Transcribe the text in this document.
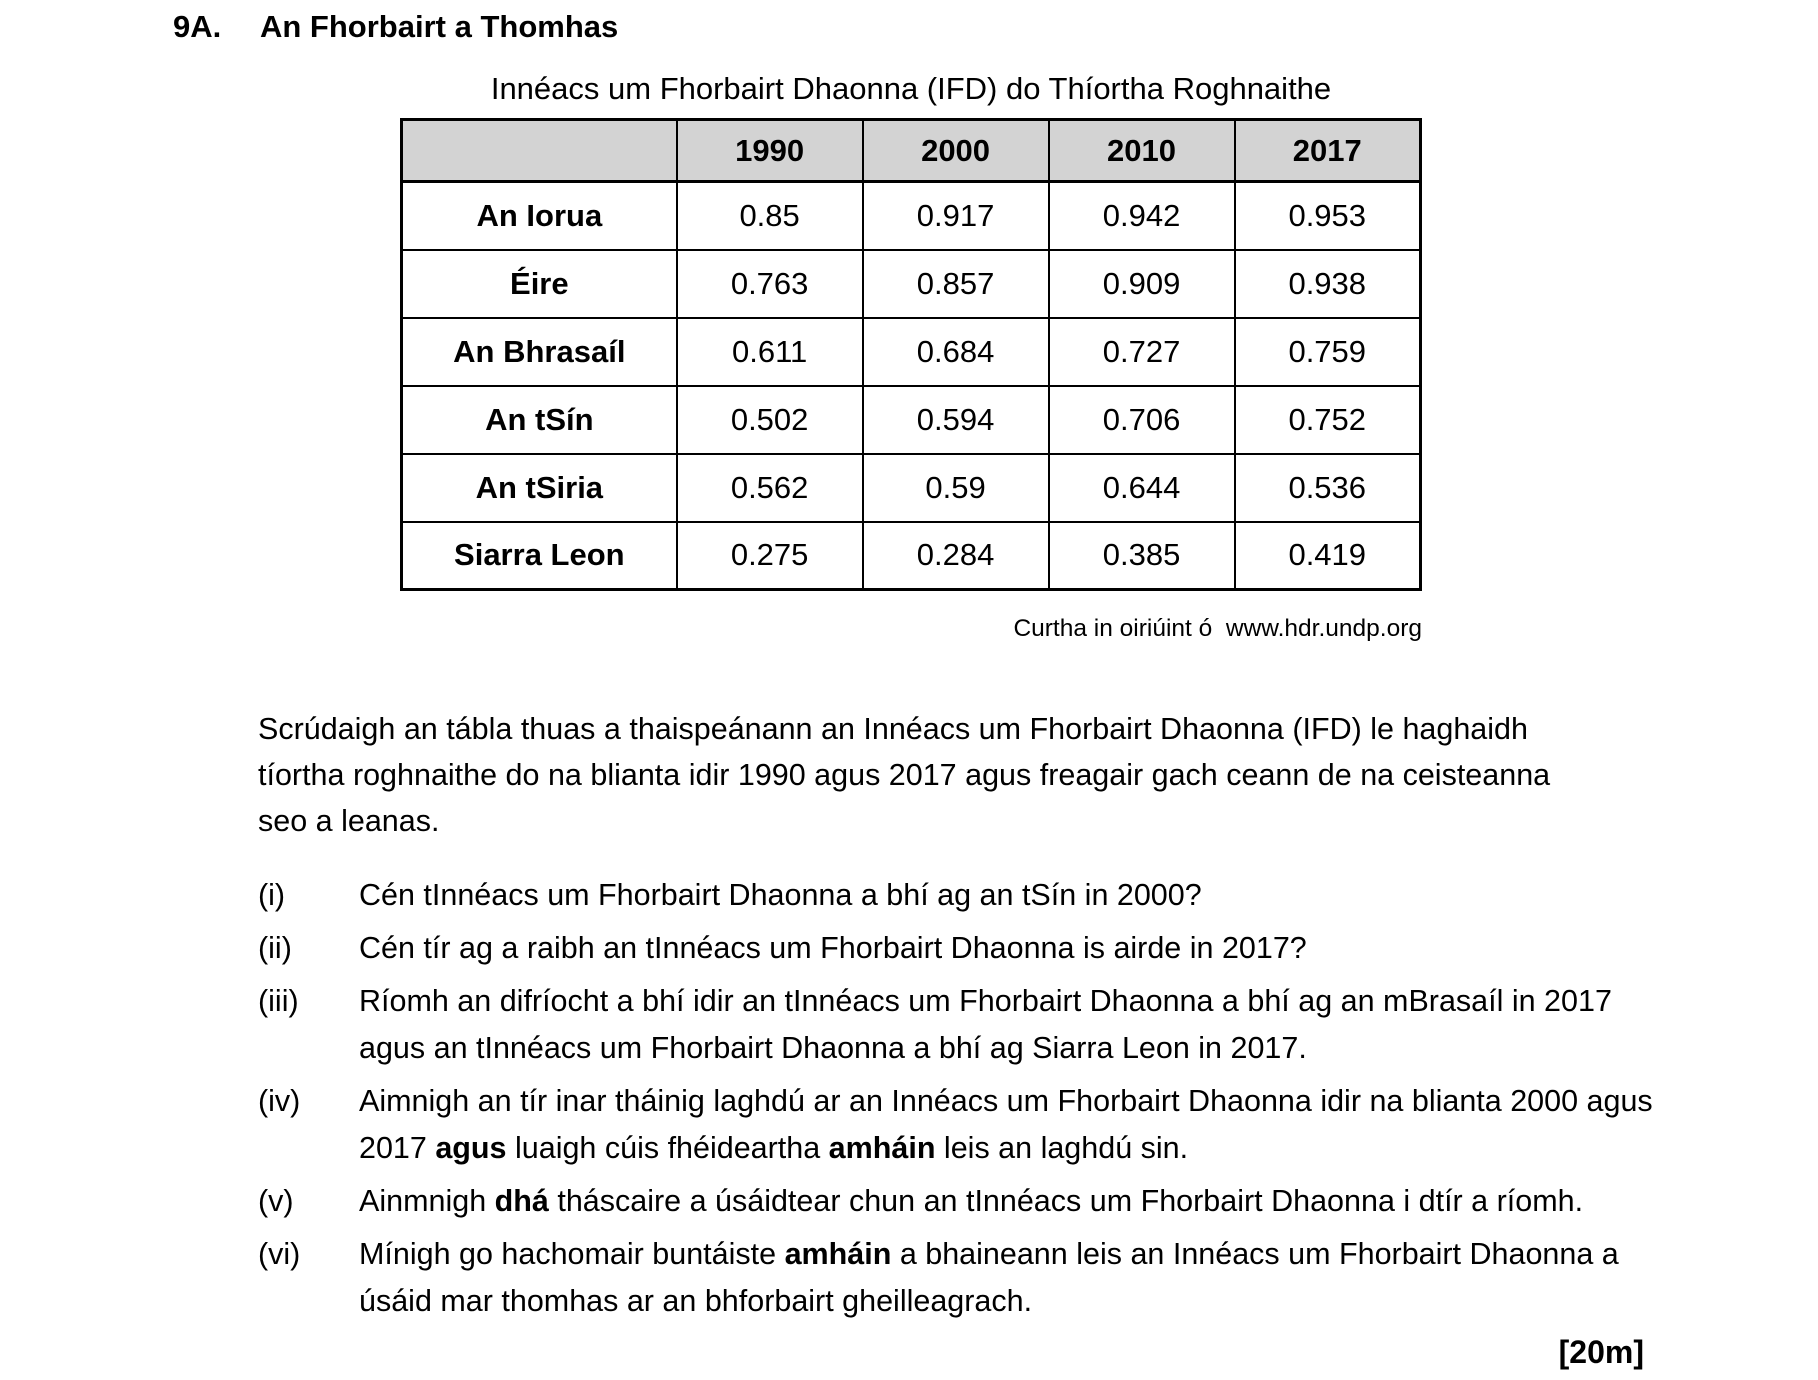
9A.	An Fhorbairt a Thomhas
Innéacs um Fhorbairt Dhaonna (IFD) do Thíortha Roghnaithe
	1990	2000	2010	2017
An Iorua	0.85	0.917	0.942	0.953
Éire	0.763	0.857	0.909	0.938
An Bhrasaíl	0.611	0.684	0.727	0.759
An tSín	0.502	0.594	0.706	0.752
An tSiria	0.562	0.59	0.644	0.536
Siarra Leon	0.275	0.284	0.385	0.419
Curtha in oiriúint ó  www.hdr.undp.org

Scrúdaigh an tábla thuas a thaispeánann an Innéacs um Fhorbairt Dhaonna (IFD) le haghaidh tíortha roghnaithe do na blianta idir 1990 agus 2017 agus freagair gach ceann de na ceisteanna seo a leanas.

(i)	Cén tInnéacs um Fhorbairt Dhaonna a bhí ag an tSín in 2000?
(ii)	Cén tír ag a raibh an tInnéacs um Fhorbairt Dhaonna is airde in 2017?
(iii)	Ríomh an difríocht a bhí idir an tInnéacs um Fhorbairt Dhaonna a bhí ag an mBrasaíl in 2017 agus an tInnéacs um Fhorbairt Dhaonna a bhí ag Siarra Leon in 2017.
(iv)	Aimnigh an tír inar tháinig laghdú ar an Innéacs um Fhorbairt Dhaonna idir na blianta 2000 agus 2017 agus luaigh cúis fhéideartha amháin leis an laghdú sin.
(v)	Ainmnigh dhá tháscaire a úsáidtear chun an tInnéacs um Fhorbairt Dhaonna i dtír a ríomh.
(vi)	Mínigh go hachomair buntáiste amháin a bhaineann leis an Innéacs um Fhorbairt Dhaonna a úsáid mar thomhas ar an bhforbairt gheilleagrach.
[20m]
